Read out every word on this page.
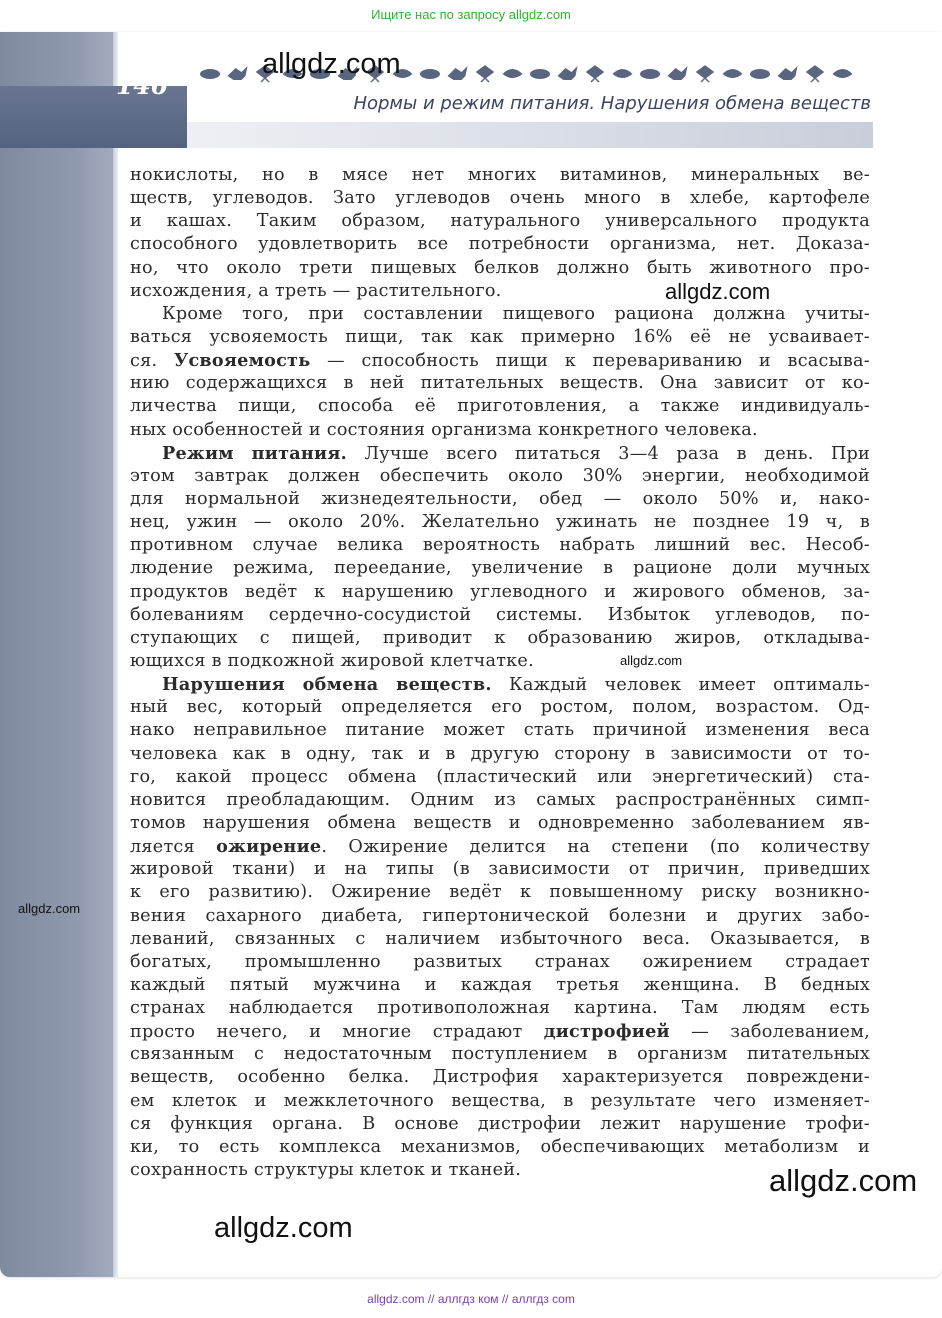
Ищите нас по запросу allgdz.com
146
Нормы и режим питания. Нарушения обмена веществ
allgdz.com
allgdz.com
allgdz.com
allgdz.com
allgdz.com
allgdz.com
нокислоты, но в мясе нет многих витаминов, минеральных ве-
ществ, углеводов. Зато углеводов очень много в хлебе, картофеле
и кашах. Таким образом, натурального универсального продукта
способного удовлетворить все потребности организма, нет. Доказа-
но, что около трети пищевых белков должно быть животного про-
исхождения, а треть — растительного.
Кроме того, при составлении пищевого рациона должна учиты-
ваться усвояемость пищи, так как примерно 16% её не усваивает-
ся. Усвояемость — способность пищи к перевариванию и всасыва-
нию содержащихся в ней питательных веществ. Она зависит от ко-
личества пищи, способа её приготовления, а также индивидуаль-
ных особенностей и состояния организма конкретного человека.
Режим питания. Лучше всего питаться 3—4 раза в день. При
этом завтрак должен обеспечить около 30% энергии, необходимой
для нормальной жизнедеятельности, обед — около 50% и, нако-
нец, ужин — около 20%. Желательно ужинать не позднее 19 ч, в
противном случае велика вероятность набрать лишний вес. Несоб-
людение режима, переедание, увеличение в рационе доли мучных
продуктов ведёт к нарушению углеводного и жирового обменов, за-
болеваниям сердечно-сосудистой системы. Избыток углеводов, по-
ступающих с пищей, приводит к образованию жиров, откладыва-
ющихся в подкожной жировой клетчатке.
Нарушения обмена веществ. Каждый человек имеет оптималь-
ный вес, который определяется его ростом, полом, возрастом. Од-
нако неправильное питание может стать причиной изменения веса
человека как в одну, так и в другую сторону в зависимости от то-
го, какой процесс обмена (пластический или энергетический) ста-
новится преобладающим. Одним из самых распространённых симп-
томов нарушения обмена веществ и одновременно заболеванием яв-
ляется ожирение. Ожирение делится на степени (по количеству
жировой ткани) и на типы (в зависимости от причин, приведших
к его развитию). Ожирение ведёт к повышенному риску возникно-
вения сахарного диабета, гипертонической болезни и других забо-
леваний, связанных с наличием избыточного веса. Оказывается, в
богатых, промышленно развитых странах ожирением страдает
каждый пятый мужчина и каждая третья женщина. В бедных
странах наблюдается противоположная картина. Там людям есть
просто нечего, и многие страдают дистрофией — заболеванием,
связанным с недостаточным поступлением в организм питательных
веществ, особенно белка. Дистрофия характеризуется повреждени-
ем клеток и межклеточного вещества, в результате чего изменяет-
ся функция органа. В основе дистрофии лежит нарушение трофи-
ки, то есть комплекса механизмов, обеспечивающих метаболизм и
сохранность структуры клеток и тканей.
allgdz.com // аллгдз ком // аллгдз com
